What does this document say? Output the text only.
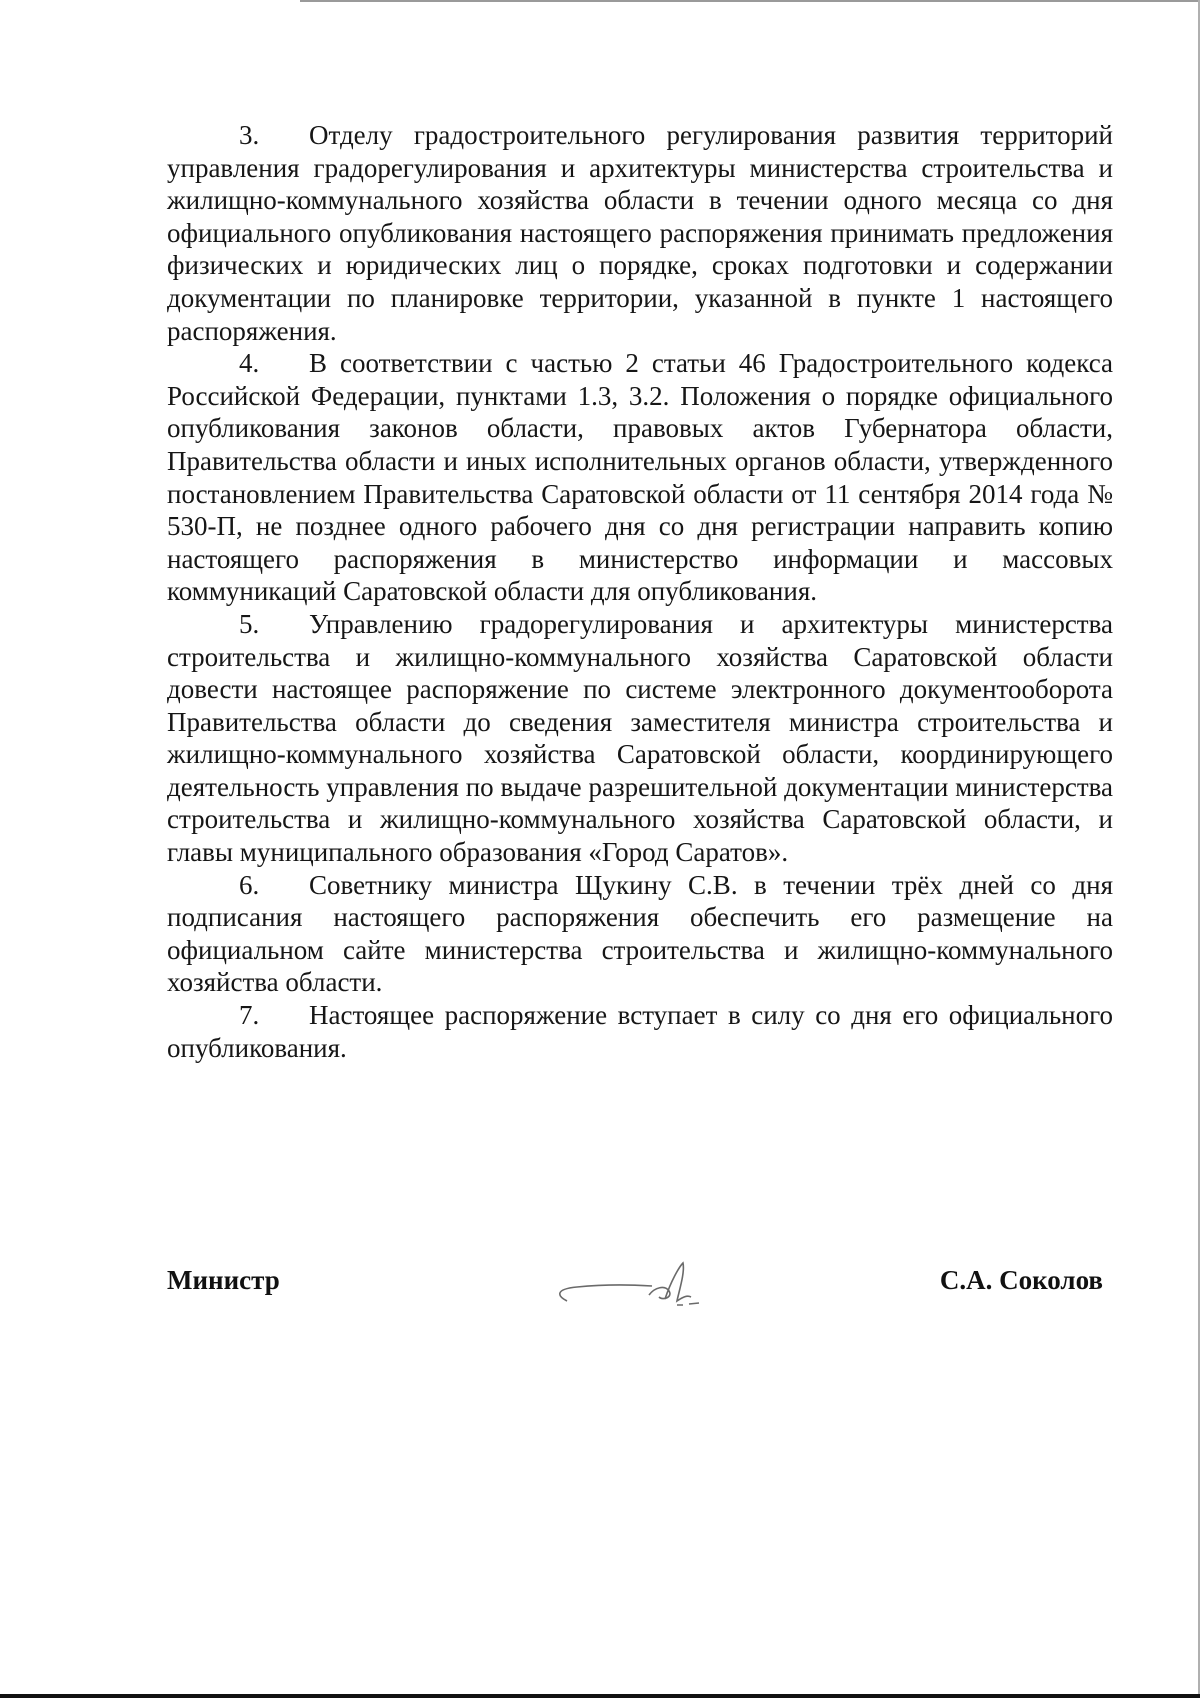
3. Отделу градостроительного регулирования развития территорий управления градорегулирования и архитектуры министерства строительства и жилищно-коммунального хозяйства области в течении одного месяца со дня официального опубликования настоящего распоряжения принимать предложения физических и юридических лиц о порядке, сроках подготовки и содержании документации по планировке территории, указанной в пункте 1 настоящего распоряжения.

4. В соответствии с частью 2 статьи 46 Градостроительного кодекса Российской Федерации, пунктами 1.3, 3.2. Положения о порядке официального опубликования законов области, правовых актов Губернатора области, Правительства области и иных исполнительных органов области, утвержденного постановлением Правительства Саратовской области от 11 сентября 2014 года № 530-П, не позднее одного рабочего дня со дня регистрации направить копию настоящего распоряжения в министерство информации и массовых коммуникаций Саратовской области для опубликования.

5. Управлению градорегулирования и архитектуры министерства строительства и жилищно-коммунального хозяйства Саратовской области довести настоящее распоряжение по системе электронного документооборота Правительства области до сведения заместителя министра строительства и жилищно-коммунального хозяйства Саратовской области, координирующего деятельность управления по выдаче разрешительной документации министерства строительства и жилищно-коммунального хозяйства Саратовской области, и главы муниципального образования «Город Саратов».

6. Советнику министра Щукину С.В. в течении трёх дней со дня подписания настоящего распоряжения обеспечить его размещение на официальном сайте министерства строительства и жилищно-коммунального хозяйства области.

7. Настоящее распоряжение вступает в силу со дня его официального опубликования.

Министр	С.А. Соколов
